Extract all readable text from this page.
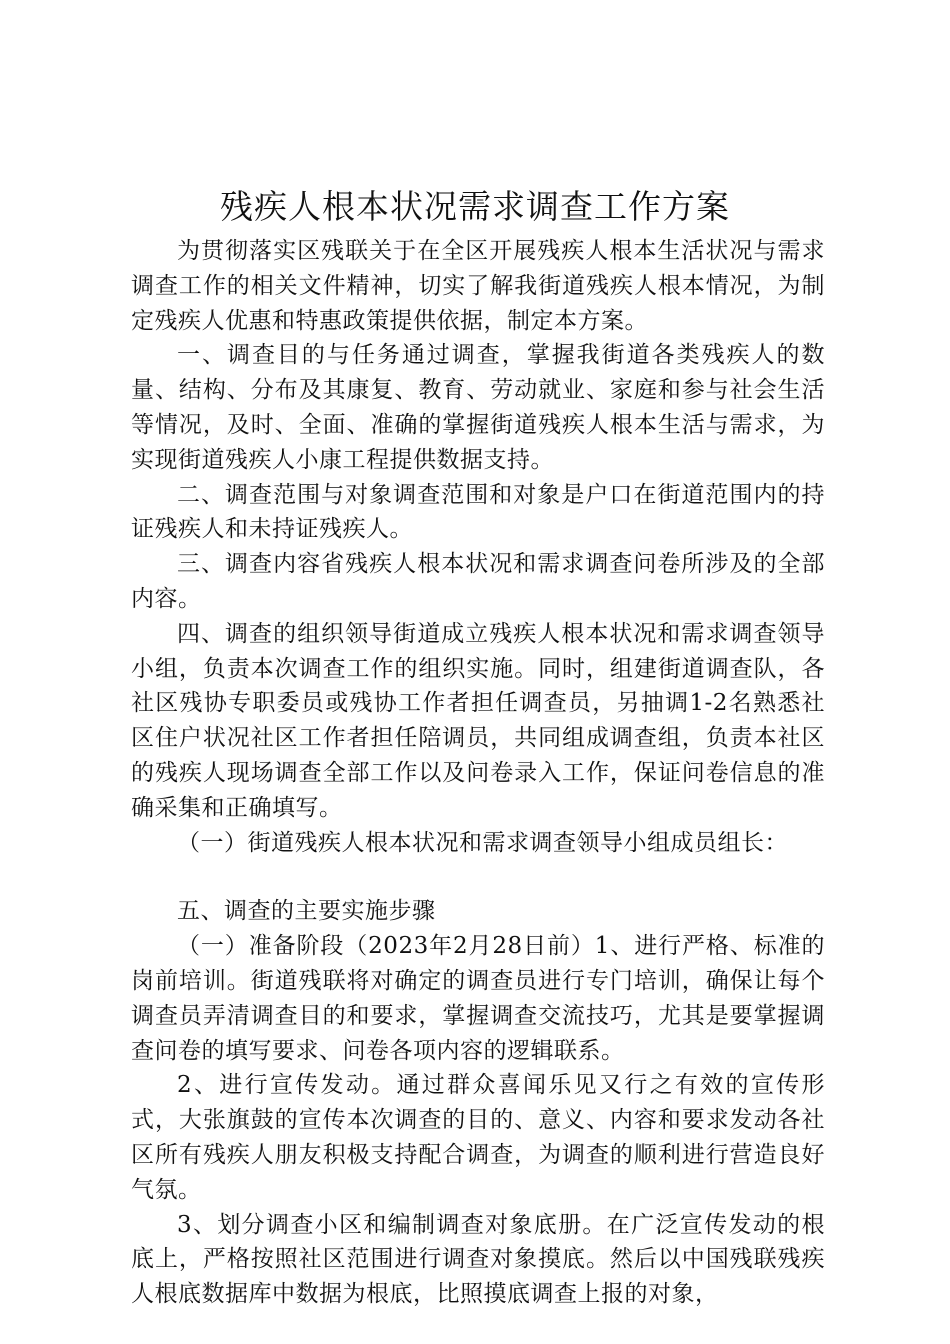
残疾人根本状况需求调查工作方案

为贯彻落实区残联关于在全区开展残疾人根本生活状况与需求调查工作的相关文件精神，切实了解我街道残疾人根本情况，为制定残疾人优惠和特惠政策提供依据，制定本方案。

一、调查目的与任务通过调查，掌握我街道各类残疾人的数量、结构、分布及其康复、教育、劳动就业、家庭和参与社会生活等情况，及时、全面、准确的掌握街道残疾人根本生活与需求，为实现街道残疾人小康工程提供数据支持。

二、调查范围与对象调查范围和对象是户口在街道范围内的持证残疾人和未持证残疾人。

三、调查内容省残疾人根本状况和需求调查问卷所涉及的全部内容。

四、调查的组织领导街道成立残疾人根本状况和需求调查领导小组，负责本次调查工作的组织实施。同时，组建街道调查队，各社区残协专职委员或残协工作者担任调查员，另抽调1-2名熟悉社区住户状况社区工作者担任陪调员，共同组成调查组，负责本社区的残疾人现场调查全部工作以及问卷录入工作，保证问卷信息的准确采集和正确填写。

（一）街道残疾人根本状况和需求调查领导小组成员组长：

五、调查的主要实施步骤

（一）准备阶段（2023年2月28日前）1、进行严格、标准的岗前培训。街道残联将对确定的调查员进行专门培训，确保让每个调查员弄清调查目的和要求，掌握调查交流技巧，尤其是要掌握调查问卷的填写要求、问卷各项内容的逻辑联系。

2、进行宣传发动。通过群众喜闻乐见又行之有效的宣传形式，大张旗鼓的宣传本次调查的目的、意义、内容和要求发动各社区所有残疾人朋友积极支持配合调查，为调查的顺利进行营造良好气氛。

3、划分调查小区和编制调查对象底册。在广泛宣传发动的根底上，严格按照社区范围进行调查对象摸底。然后以中国残联残疾人根底数据库中数据为根底，比照摸底调查上报的对象，
